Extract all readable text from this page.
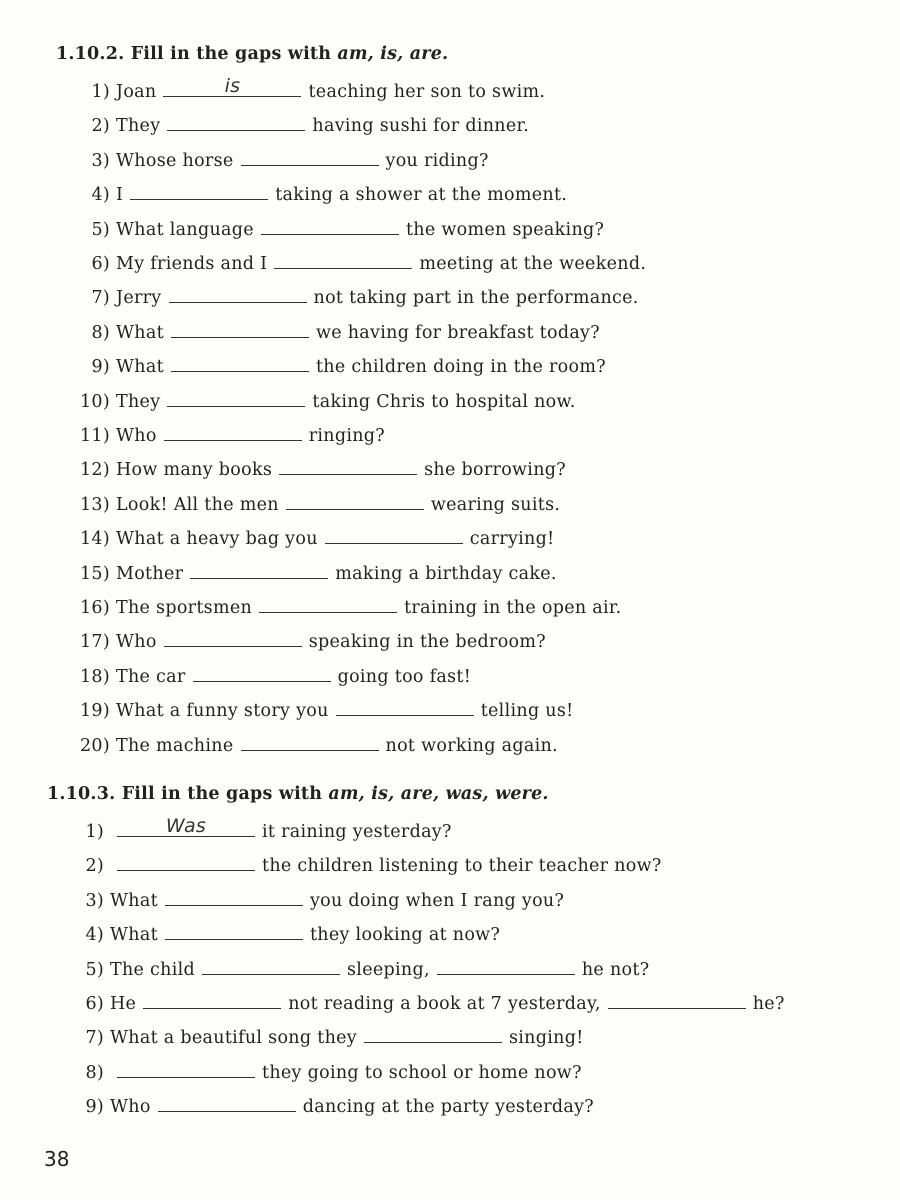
1.10.2. Fill in the gaps with am, is, are.
1) Joan	is	teaching her son to swim.
2) They	having sushi for dinner.
3) Whose horse	you riding?
4) I	taking a shower at the moment.
5) What language	the women speaking?
6) My friends and I	meeting at the weekend.
7) Jerry	not taking part in the performance.
8) What	we having for breakfast today?
9) What	the children doing in the room?
10) They	taking Chris to hospital now.
11) Who	ringing?
12) How many books	she borrowing?
13) Look! All the men	wearing suits.
14) What a heavy bag you	carrying!
15) Mother	making a birthday cake.
16) The sportsmen	training in the open air.
17) Who	speaking in the bedroom?
18) The car	going too fast!
19) What a funny story you	telling us!
20) The machine	not working again.
1.10.3. Fill in the gaps with am, is, are, was, were.
1)	Was	it raining yesterday?
2)	the children listening to their teacher now?
3) What	you doing when I rang you?
4) What	they looking at now?
5) The child	sleeping,	he not?
6) He	not reading a book at 7 yesterday,	he?
7) What a beautiful song they	singing!
8)	they going to school or home now?
9) Who	dancing at the party yesterday?
38
